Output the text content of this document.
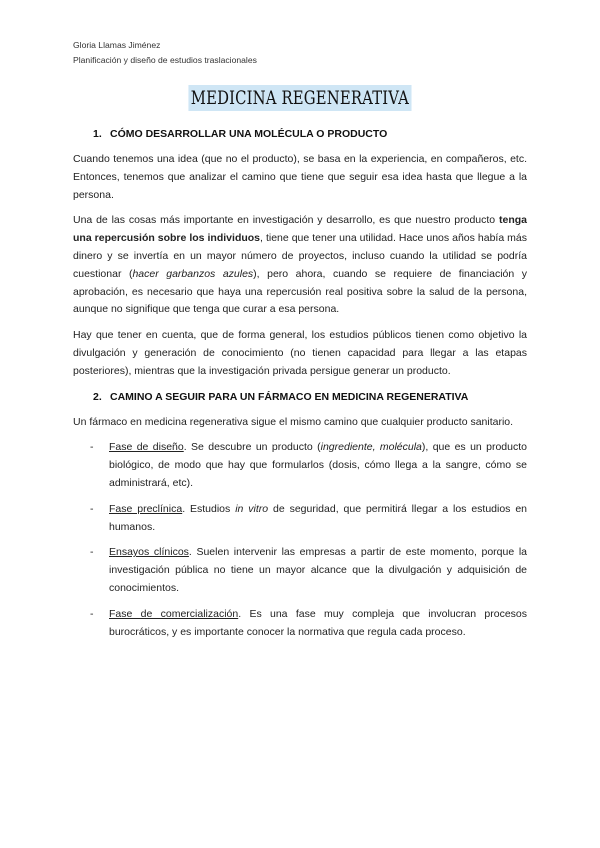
Gloria Llamas Jiménez
Planificación y diseño de estudios traslacionales
MEDICINA REGENERATIVA
1. CÓMO DESARROLLAR UNA MOLÉCULA O PRODUCTO

Cuando tenemos una idea (que no el producto), se basa en la experiencia, en compañeros, etc. Entonces, tenemos que analizar el camino que tiene que seguir esa idea hasta que llegue a la persona.

Una de las cosas más importante en investigación y desarrollo, es que nuestro producto tenga una repercusión sobre los individuos, tiene que tener una utilidad. Hace unos años había más dinero y se invertía en un mayor número de proyectos, incluso cuando la utilidad se podría cuestionar (hacer garbanzos azules), pero ahora, cuando se requiere de financiación y aprobación, es necesario que haya una repercusión real positiva sobre la salud de la persona, aunque no signifique que tenga que curar a esa persona.

Hay que tener en cuenta, que de forma general, los estudios públicos tienen como objetivo la divulgación y generación de conocimiento (no tienen capacidad para llegar a las etapas posteriores), mientras que la investigación privada persigue generar un producto.

2. CAMINO A SEGUIR PARA UN FÁRMACO EN MEDICINA REGENERATIVA

Un fármaco en medicina regenerativa sigue el mismo camino que cualquier producto sanitario.

- Fase de diseño. Se descubre un producto (ingrediente, molécula), que es un producto biológico, de modo que hay que formularlos (dosis, cómo llega a la sangre, cómo se administrará, etc).
- Fase preclínica. Estudios in vitro de seguridad, que permitirá llegar a los estudios en humanos.
- Ensayos clínicos. Suelen intervenir las empresas a partir de este momento, porque la investigación pública no tiene un mayor alcance que la divulgación y adquisición de conocimientos.
- Fase de comercialización. Es una fase muy compleja que involucran procesos burocráticos, y es importante conocer la normativa que regula cada proceso.
